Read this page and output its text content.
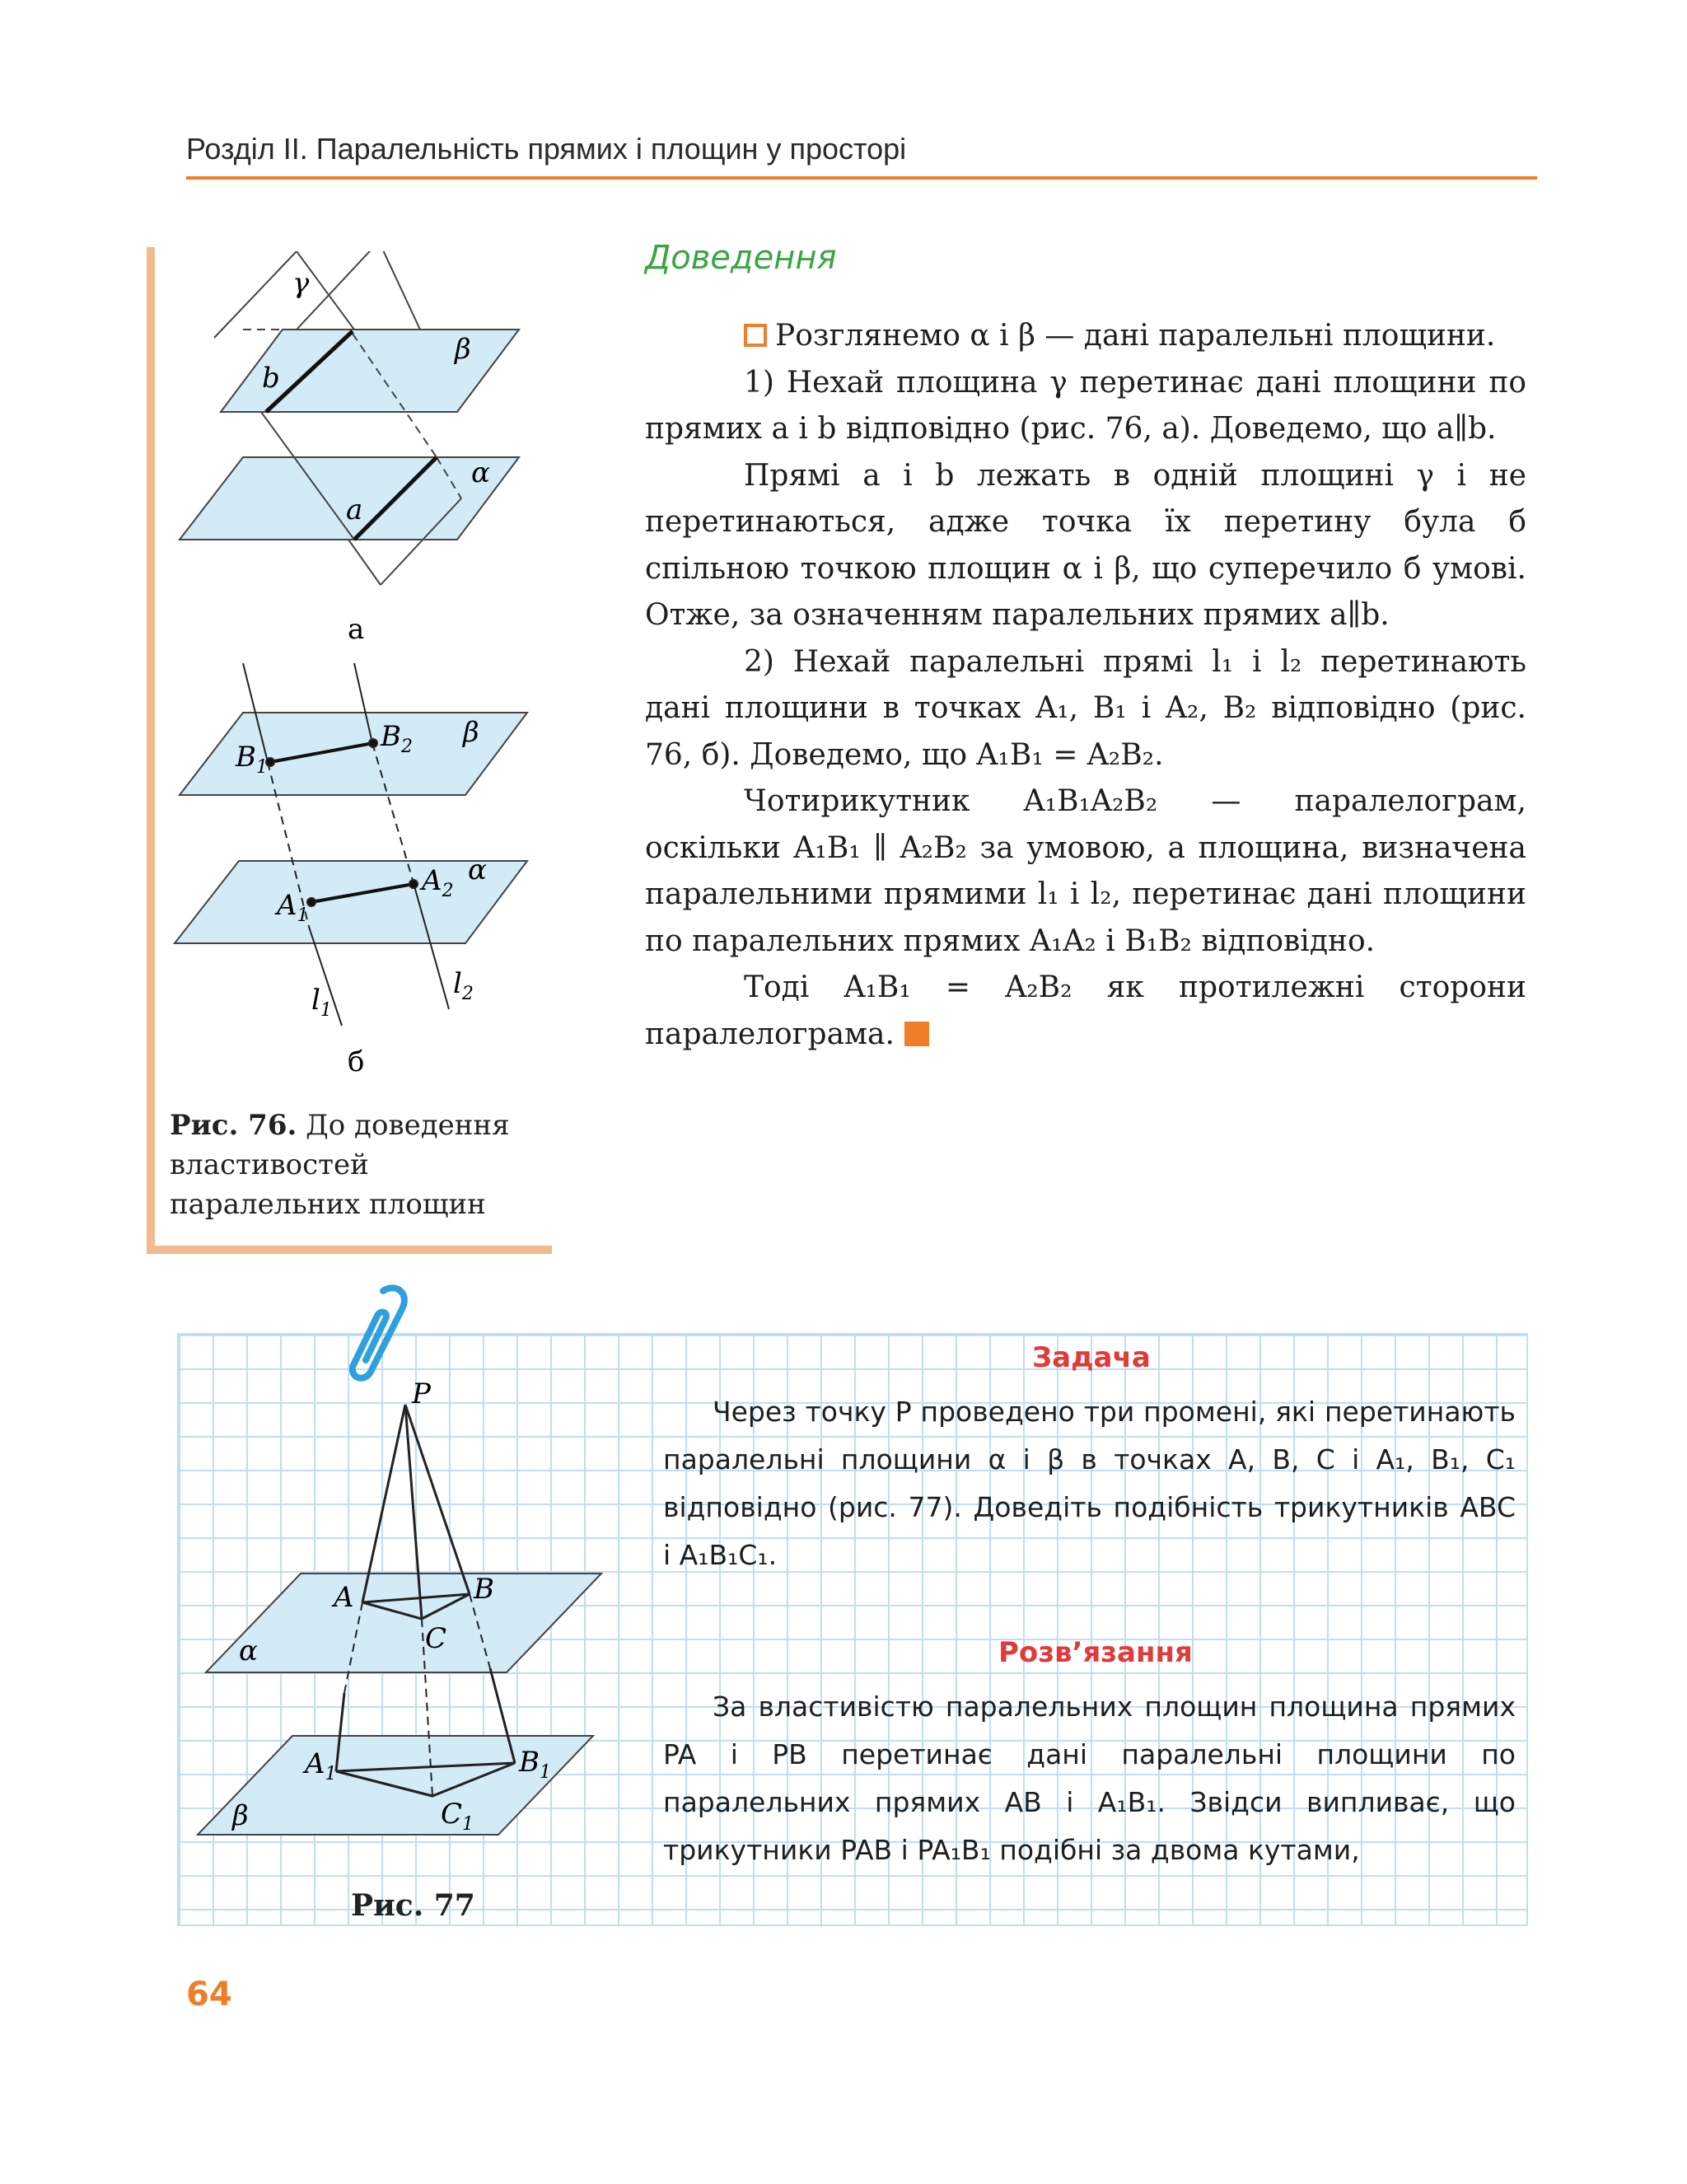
Розділ ІІ. Паралельність прямих і площин у просторі
γ
β
α
b
a
а
β
α
$B_1$
$B_2$
$A_1$
$A_2$
$l_1$
$l_2$
б
Рис. 76. До доведення властивостей паралельних площин
Доведення

Розглянемо α і β — дані паралельні площини.

1) Нехай площина γ перетинає дані площини по прямих a і b відповідно (рис. 76, а). Доведемо, що a∥b.

Прямі a і b лежать в одній площині γ і не перетинаються, адже точка їх перетину була б спільною точкою площин α і β, що суперечило б умові. Отже, за означенням паралельних прямих a∥b.

2) Нехай паралельні прямі l₁ і l₂ перетинають дані площини в точках A₁, B₁ і A₂, B₂ відповідно (рис. 76, б). Доведемо, що A₁B₁ = A₂B₂.

Чотирикутник A₁B₁A₂B₂ — паралелограм, оскільки A₁B₁ ∥ A₂B₂ за умовою, а площина, визначена паралельними прямими l₁ і l₂, перетинає дані площини по паралельних прямих A₁A₂ і B₁B₂ відповідно.

Тоді A₁B₁ = A₂B₂ як протилежні сторони паралелограма.

P
A	B
C
α
$A_1$	$B_1$
$C_1$
β
Рис. 77
Задача

Через точку P проведено три промені, які перетинають паралельні площини α і β в точках A, B, C і A₁, B₁, C₁ відповідно (рис. 77). Доведіть подібність трикутників ABC і A₁B₁C₁.

Розв’язання

За властивістю паралельних площин площина прямих PA і PB перетинає дані паралельні площини по паралельних прямих AB і A₁B₁. Звідси випливає, що трикутники PAB і PA₁B₁ подібні за двома кутами,

64
